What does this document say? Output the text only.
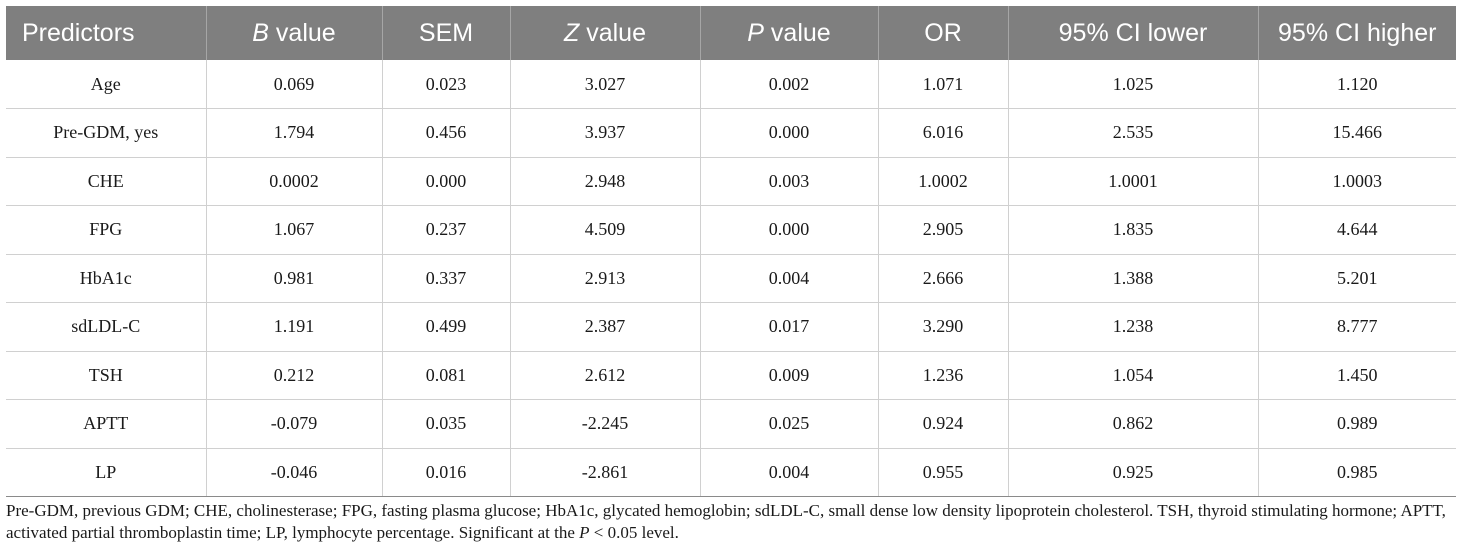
Predictors	B value	SEM	Z value	P value	OR	95% CI lower	95% CI higher
Age	0.069	0.023	3.027	0.002	1.071	1.025	1.120
Pre-GDM, yes	1.794	0.456	3.937	0.000	6.016	2.535	15.466
CHE	0.0002	0.000	2.948	0.003	1.0002	1.0001	1.0003
FPG	1.067	0.237	4.509	0.000	2.905	1.835	4.644
HbA1c	0.981	0.337	2.913	0.004	2.666	1.388	5.201
sdLDL-C	1.191	0.499	2.387	0.017	3.290	1.238	8.777
TSH	0.212	0.081	2.612	0.009	1.236	1.054	1.450
APTT	-0.079	0.035	-2.245	0.025	0.924	0.862	0.989
LP	-0.046	0.016	-2.861	0.004	0.955	0.925	0.985
Pre-GDM, previous GDM; CHE, cholinesterase; FPG, fasting plasma glucose; HbA1c, glycated hemoglobin; sdLDL-C, small dense low density lipoprotein cholesterol. TSH, thyroid stimulating hormone; APTT, activated partial thromboplastin time; LP, lymphocyte percentage. Significant at the P < 0.05 level.
